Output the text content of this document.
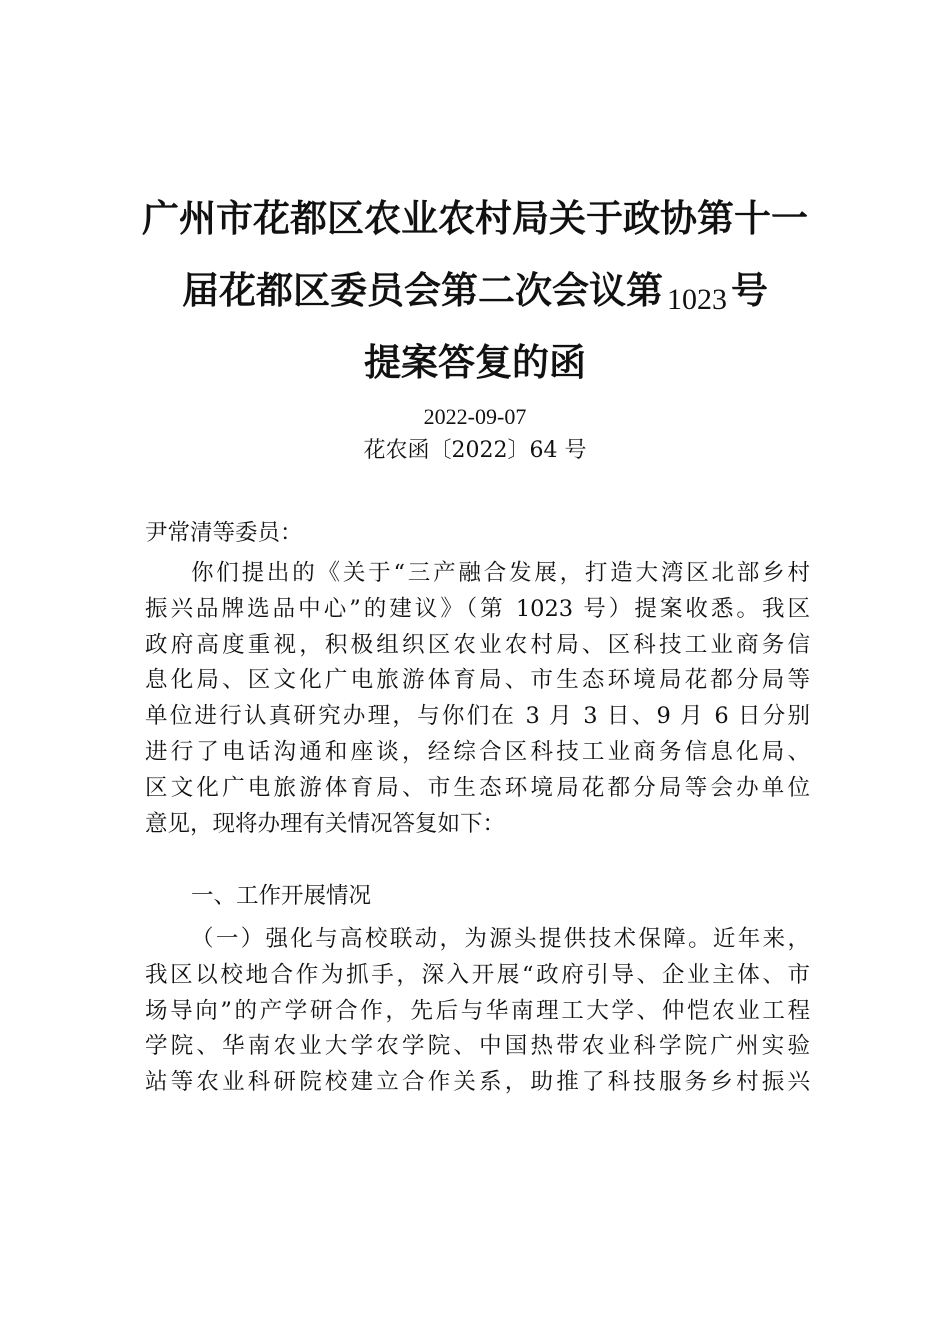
广州市花都区农业农村局关于政协第十一
届花都区委员会第二次会议第 1023 号
提案答复的函
2022-09-07
花农函〔2022〕64 号
尹常清等委员：
你们提出的《关于“三产融合发展，打造大湾区北部乡村
振兴品牌选品中心”的建议》（第 1023 号）提案收悉。我区
政府高度重视，积极组织区农业农村局、区科技工业商务信
息化局、区文化广电旅游体育局、市生态环境局花都分局等
单位进行认真研究办理，与你们在 3 月 3 日、9 月 6 日分别
进行了电话沟通和座谈，经综合区科技工业商务信息化局、
区文化广电旅游体育局、市生态环境局花都分局等会办单位
意见，现将办理有关情况答复如下：
一、工作开展情况
（一）强化与高校联动，为源头提供技术保障。近年来，
我区以校地合作为抓手，深入开展“政府引导、企业主体、市
场导向”的产学研合作，先后与华南理工大学、仲恺农业工程
学院、华南农业大学农学院、中国热带农业科学院广州实验
站等农业科研院校建立合作关系，助推了科技服务乡村振兴
